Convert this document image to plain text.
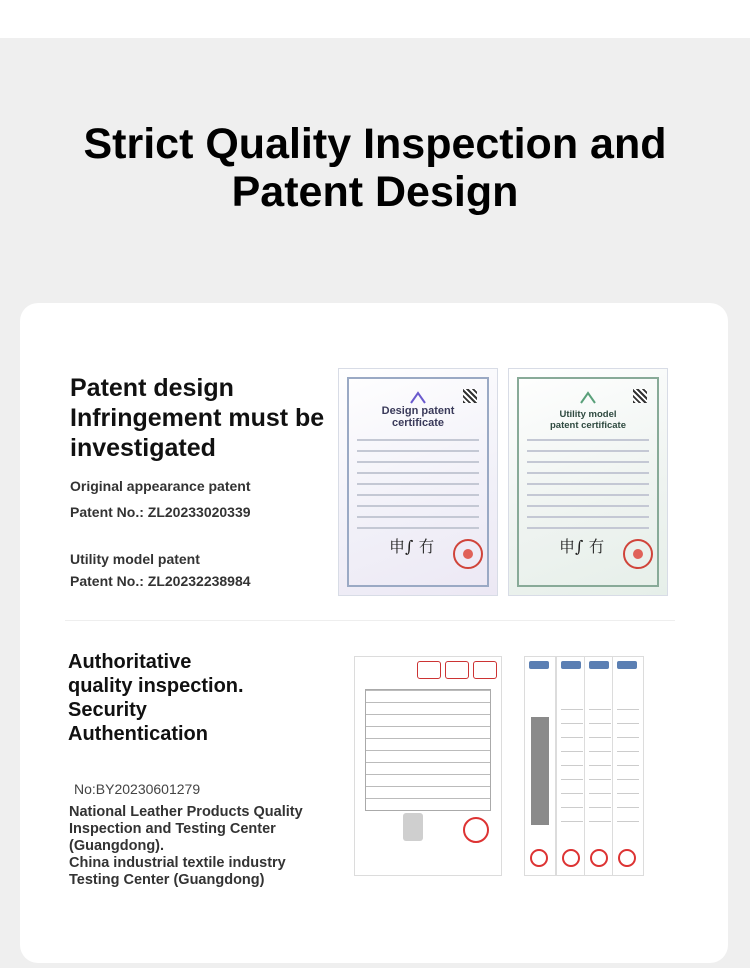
Strict Quality Inspection and
Patent Design
Patent design
Infringement must be
investigated
Original appearance patent
Patent No.: ZL20233020339
Utility model patent
Patent No.: ZL20232238984
Design patent
certificate
申∫ 冇
Utility model
patent certificate
申∫ 冇
Authoritative
quality inspection.
Security
Authentication
No:BY20230601279
National Leather Products Quality
Inspection and Testing Center
(Guangdong).
China industrial textile industry
Testing Center (Guangdong)
